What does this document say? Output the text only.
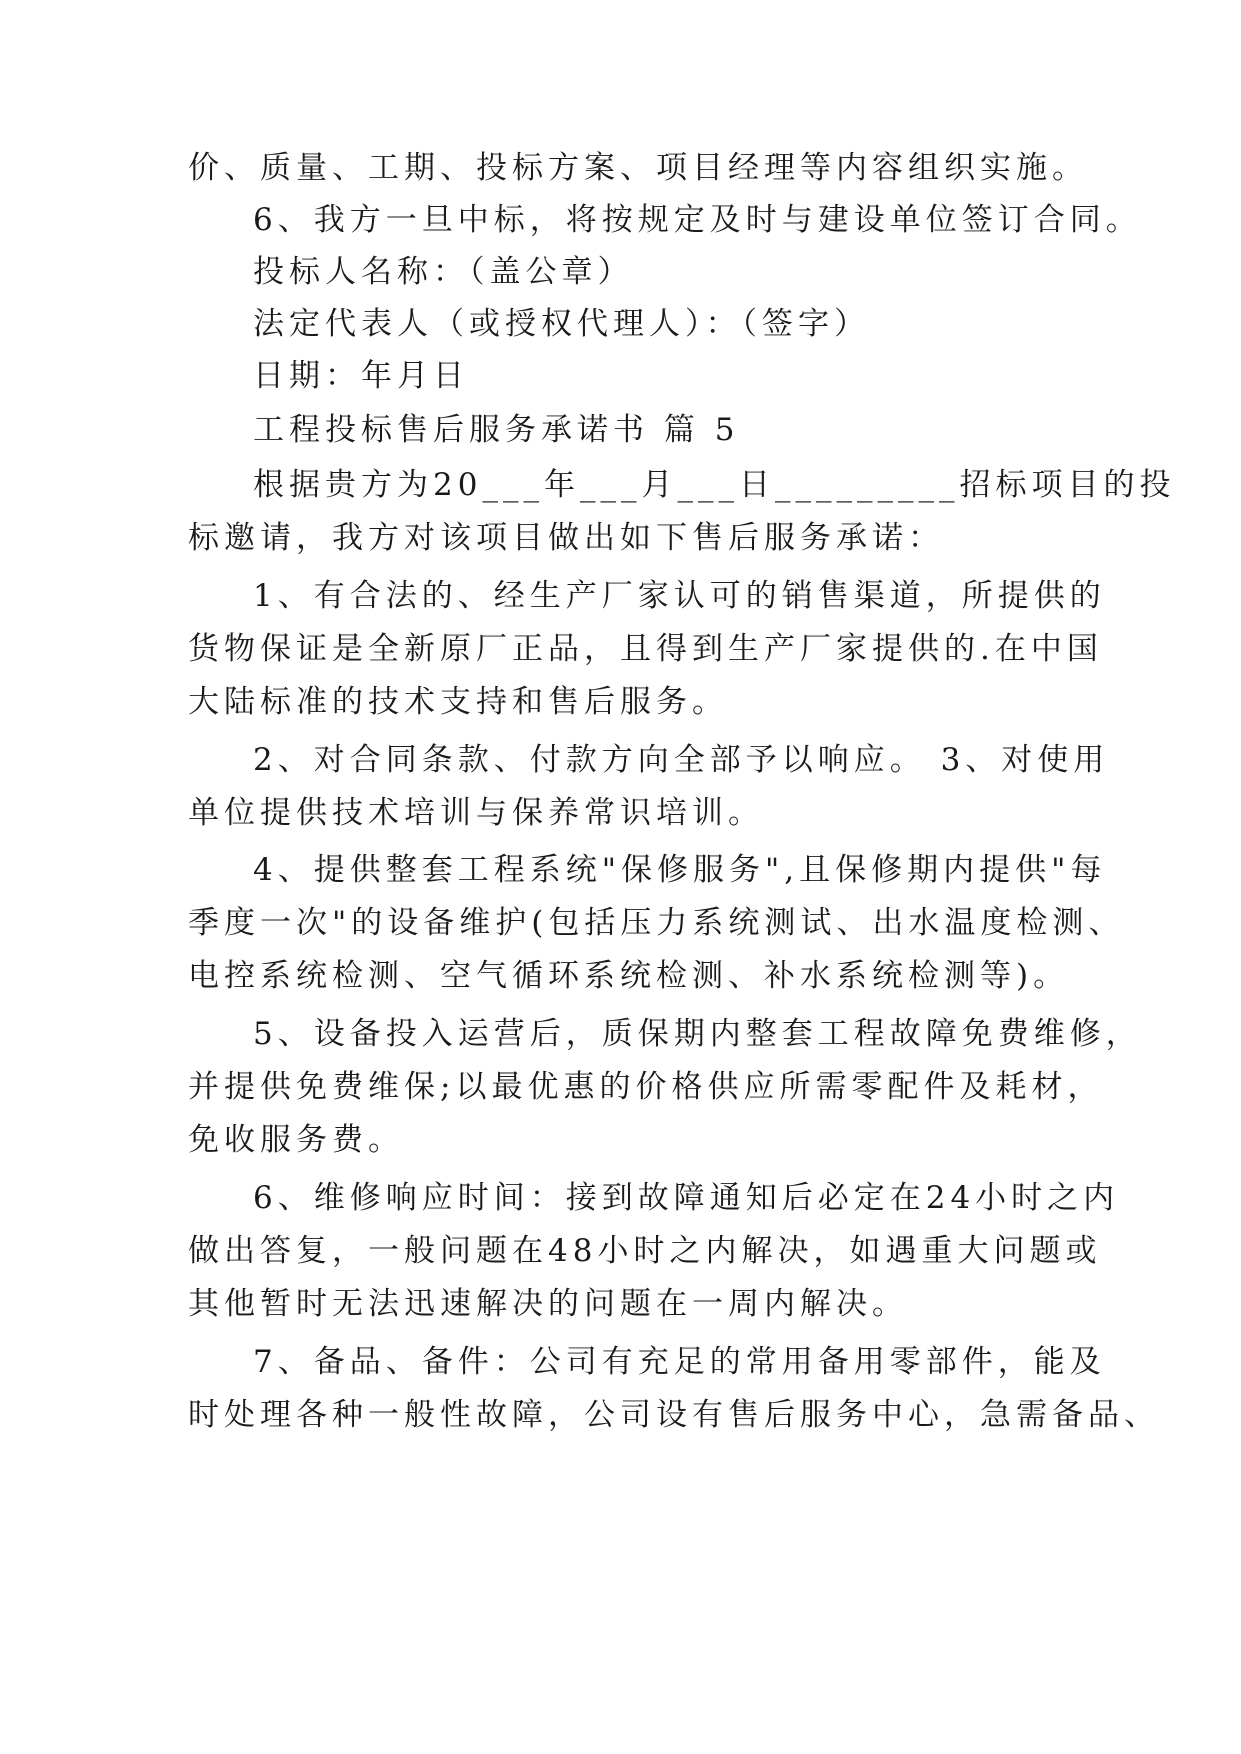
价、质量、工期、投标方案、项目经理等内容组织实施。
6、我方一旦中标，将按规定及时与建设单位签订合同。
投标人名称：（盖公章）
法定代表人（或授权代理人）：（签字）
日期：年月日
工程投标售后服务承诺书 篇 5
根据贵方为20___年___月___日_________招标项目的投
标邀请，我方对该项目做出如下售后服务承诺：
1、有合法的、经生产厂家认可的销售渠道，所提供的
货物保证是全新原厂正品，且得到生产厂家提供的.在中国
大陆标准的技术支持和售后服务。
2、对合同条款、付款方向全部予以响应。 3、对使用
单位提供技术培训与保养常识培训。
4、提供整套工程系统"保修服务",且保修期内提供"每
季度一次"的设备维护(包括压力系统测试、出水温度检测、
电控系统检测、空气循环系统检测、补水系统检测等)。
5、设备投入运营后，质保期内整套工程故障免费维修，
并提供免费维保;以最优惠的价格供应所需零配件及耗材，
免收服务费。
6、维修响应时间：接到故障通知后必定在24小时之内
做出答复，一般问题在48小时之内解决，如遇重大问题或
其他暂时无法迅速解决的问题在一周内解决。
7、备品、备件：公司有充足的常用备用零部件，能及
时处理各种一般性故障，公司设有售后服务中心，急需备品、
